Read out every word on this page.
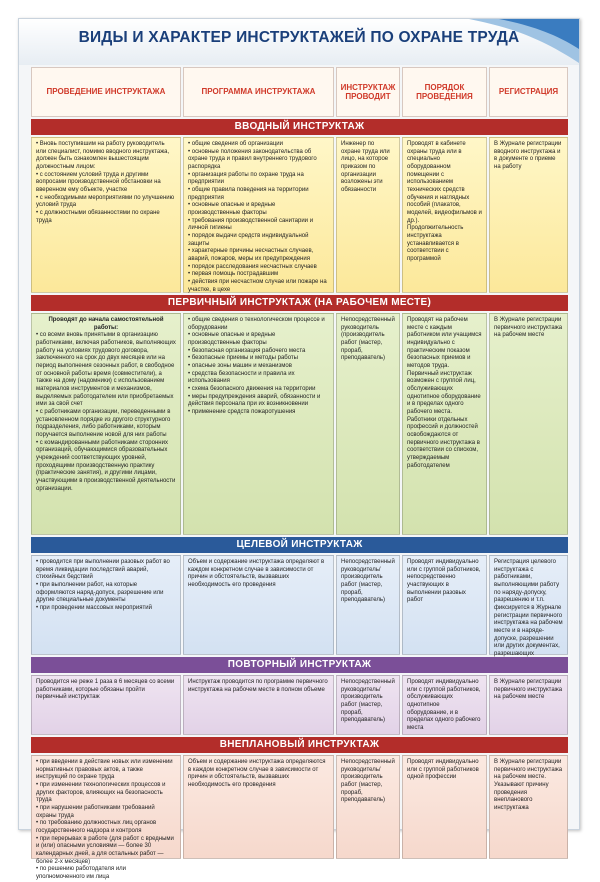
ВИДЫ И ХАРАКТЕР ИНСТРУКТАЖЕЙ ПО ОХРАНЕ ТРУДА
ПРОВЕДЕНИЕ ИНСТРУКТАЖА	ПРОГРАММА ИНСТРУКТАЖА
ИНСТРУКТАЖ ПРОВОДИТ
ПОРЯДОК ПРОВЕДЕНИЯ
РЕГИСТРАЦИЯ
ВВОДНЫЙ ИНСТРУКТАЖ
• Вновь поступившим на работу руководитель или специалист, помимо вводного инструктажа, должен быть ознакомлен вышестоящим должностным лицом:
• с состоянием условий труда и другими вопросами производственной обстановки на вверенном ему объекте, участке
• с необходимыми мероприятиями по улучшению условий труда
• с должностными обязанностями по охране труда
• общие сведения об организации
• основные положения законодательства об охране труда и правил внутреннего трудового распорядка
• организация работы по охране труда на предприятии
• общие правила поведения на территории предприятия
• основные опасные и вредные производственные факторы
• требования производственной санитарии и личной гигиены
• порядок выдачи средств индивидуальной защиты
• характерные причины несчастных случаев, аварий, пожаров, меры их предупреждения
• порядок расследования несчастных случаев
• первая помощь пострадавшим
• действия при несчастном случае или пожаре на участке, в цехе
Инженер по охране труда или лицо, на которое приказом по организации возложены эти обязанности
Проводят в кабинете охраны труда или в специально оборудованном помещении с использованием технических средств обучения и наглядных пособий (плакатов, моделей, видеофильмов и др.).
Продолжительность инструктажа устанавливается в соответствии с программой
В Журнале регистрации вводного инструктажа и в документе о приеме на работу
ПЕРВИЧНЫЙ ИНСТРУКТАЖ (НА РАБОЧЕМ МЕСТЕ)
Проводят до начала самостоятельной работы:
• со всеми вновь принятыми в организацию работниками, включая работников, выполняющих работу на условиях трудового договора, заключенного на срок до двух месяцев или на период выполнения сезонных работ, в свободное от основной работы время (совместители), а также на дому (надомники) с использованием материалов инструментов и механизмов, выделяемых работодателем или приобретаемых ими за свой счет
• с работниками организации, переведенными в установленном порядке из другого структурного подразделения, либо работниками, которым поручается выполнение новой для них работы
• с командированными работниками сторонних организаций, обучающимися образовательных учреждений соответствующих уровней, проходящими производственную практику (практические занятия), и другими лицами, участвующими в производственной деятельности организации.
• общие сведения о технологическом процессе и оборудовании
• основные опасные и вредные производственные факторы
• безопасная организация рабочего места
• безопасные приемы и методы работы
• опасные зоны машин и механизмов
• средства безопасности и правила их использования
• схема безопасного движения на территории
• меры предупреждения аварий, обязанности и действия персонала при их возникновении
• применение средств пожаротушения
Непосредственный руководитель (производитель работ (мастер, прораб, преподаватель)
Проводят на рабочем месте с каждым работником или учащимся индивидуально с практическим показом безопасных приемов и методов труда.
Первичный инструктаж возможен с группой лиц, обслуживающих однотипное оборудование и в пределах одного рабочего места.
Работники отдельных профессий и должностей освобождаются от первичного инструктажа в соответствии со списком, утверждаемым работодателем
В Журнале регистрации первичного инструктажа на рабочем месте
ЦЕЛЕВОЙ ИНСТРУКТАЖ
• проводится при выполнении разовых работ во время ликвидации последствий аварий, стихийных бедствий
• при выполнении работ, на которые оформляются наряд-допуск, разрешение или другие специальные документы
• при проведении массовых мероприятий
Объем и содержание инструктажа определяют в каждом конкретном случае в зависимости от причин и обстоятельств, вызвавших необходимость его проведения
Непосредственный руководитель/производитель работ (мастер, прораб, преподаватель)
Проводят индивидуально или с группой работников, непосредственно участвующих в выполнении разовых работ
Регистрация целевого инструктажа с работниками, выполняющими работу по наряду-допуску, разрешению и т.п. фиксируется в Журнале регистрации первичного инструктажа на рабочем месте и в наряде-допуске, разрешении или других документах, разрешающих
ПОВТОРНЫЙ ИНСТРУКТАЖ
Проводится не реже 1 раза в 6 месяцев со всеми работниками, которые обязаны пройти первичный инструктаж
Инструктаж проводится по программе первичного инструктажа на рабочем месте в полном объеме
Непосредственный руководитель/производитель работ (мастер, прораб, преподаватель)
Проводят индивидуально или с группой работников, обслуживающих однотипное оборудование, и в пределах одного рабочего места
В Журнале регистрации первичного инструктажа на рабочем месте
ВНЕПЛАНОВЫЙ ИНСТРУКТАЖ
• при введении в действие новых или изменении нормативных правовых актов, а также инструкций по охране труда
• при изменении технологических процессов и других факторов, влияющих на безопасность труда
• при нарушении работниками требований охраны труда
• по требованию должностных лиц органов государственного надзора и контроля
• при перерывах в работе (для работ с вредными и (или) опасными условиями — более 30 календарных дней, а для остальных работ — более 2-х месяцев)
• по решению работодателя или уполномоченного им лица
Объем и содержание инструктажа определяются в каждом конкретном случае в зависимости от причин и обстоятельств, вызвавших необходимость его проведения
Непосредственный руководитель/производитель работ (мастер, прораб, преподаватель)
Проводят индивидуально или с группой работников одной профессии
В Журнале регистрации первичного инструктажа на рабочем месте. Указывают причину проведения внепланового инструктажа
